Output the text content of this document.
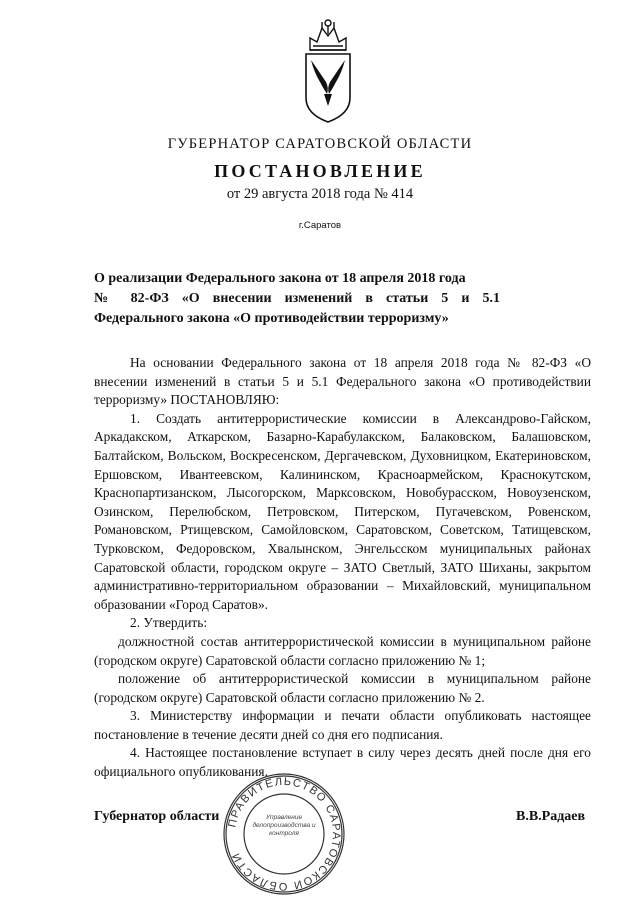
ГУБЕРНАТОР САРАТОВСКОЙ ОБЛАСТИ
ПОСТАНОВЛЕНИЕ
от 29 августа 2018 года № 414
г.Саратов
О реализации Федерального закона от 18 апреля 2018 года
№ 82-ФЗ «О внесении изменений в статьи 5 и 5.1
Федерального закона «О противодействии терроризму»

На основании Федерального закона от 18 апреля 2018 года № 82-ФЗ «О внесении изменений в статьи 5 и 5.1 Федерального закона «О противодействии терроризму» ПОСТАНОВЛЯЮ:

1. Создать антитеррористические комиссии в Александрово-Гайском, Аркадакском, Аткарском, Базарно-Карабулакском, Балаковском, Балашовском, Балтайском, Вольском, Воскресенском, Дергачевском, Духовницком, Екатериновском, Ершовском, Ивантеевском, Калининском, Красноармейском, Краснокутском, Краснопартизанском, Лысогорском, Марксовском, Новобурасском, Новоузенском, Озинском, Перелюбском, Петровском, Питерском, Пугачевском, Ровенском, Романовском, Ртищевском, Самойловском, Саратовском, Советском, Татищевском, Турковском, Федоровском, Хвалынском, Энгельсском муниципальных районах Саратовской области, городском округе – ЗАТО Светлый, ЗАТО Шиханы, закрытом административно-территориальном образовании – Михайловский, муниципальном образовании «Город Саратов».

2. Утвердить:

должностной состав антитеррористической комиссии в муниципальном районе (городском округе) Саратовской области согласно приложению № 1;

положение об антитеррористической комиссии в муниципальном районе (городском округе) Саратовской области согласно приложению № 2.

3. Министерству информации и печати области опубликовать настоящее постановление в течение десяти дней со дня его подписания.

4. Настоящее постановление вступает в силу через десять дней после дня его официального опубликования.

Губернатор области	В.В.Радаев
ПРАВИТЕЛЬСТВО САРАТОВСКОЙ ОБЛАСТИ
Управление делопроизводства и контроля
